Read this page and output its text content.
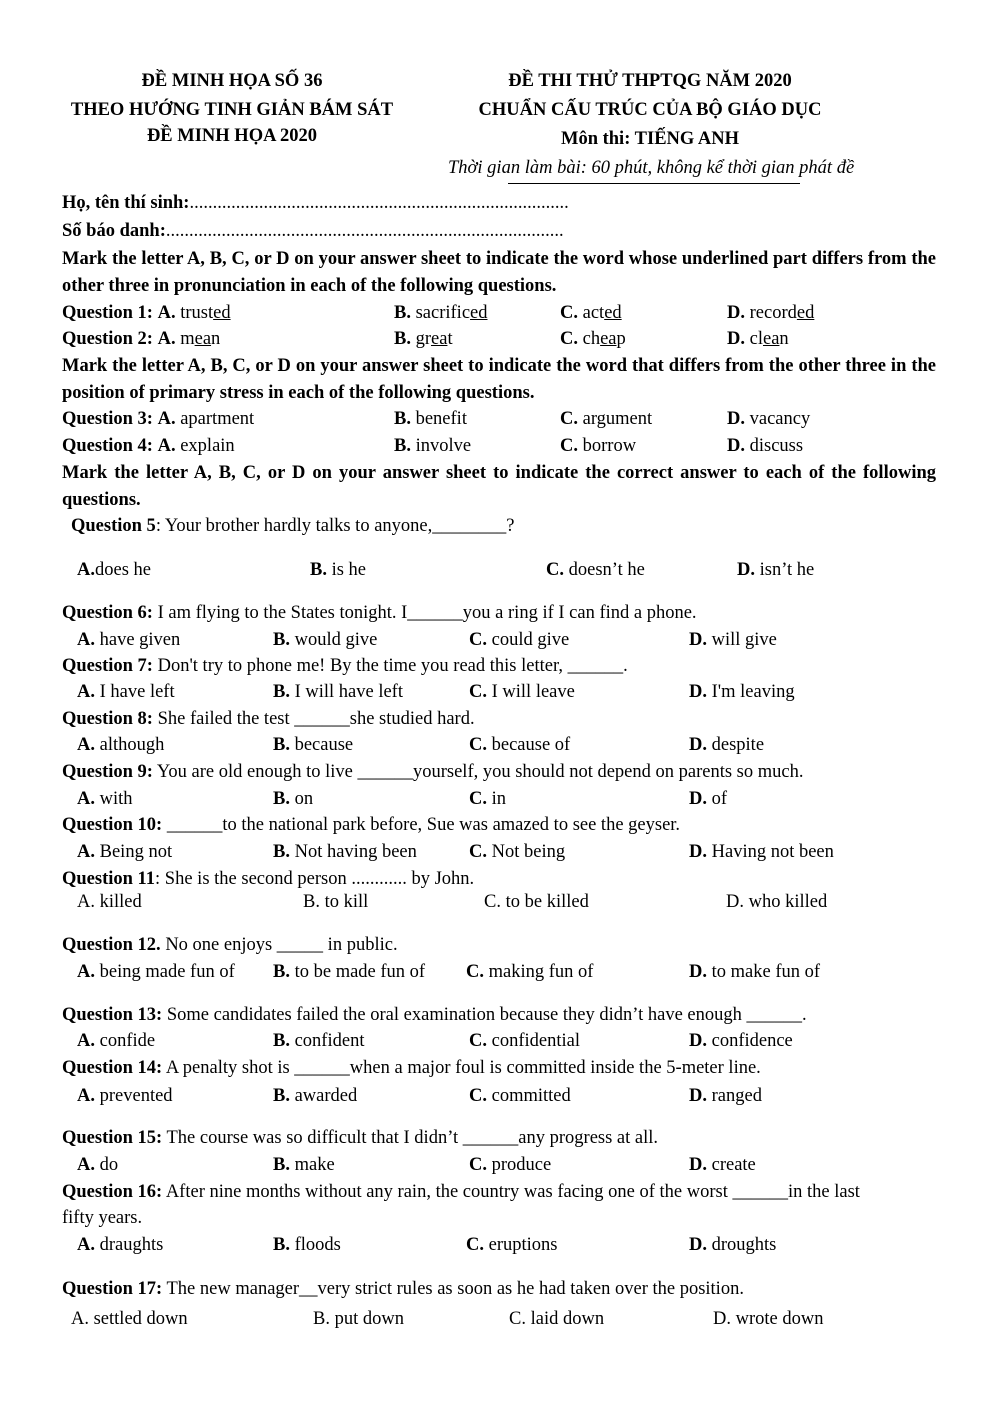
ĐỀ MINH HỌA SỐ 36
THEO HƯỚNG TINH GIẢN BÁM SÁT
ĐỀ MINH HỌA 2020
ĐỀ THI THỬ THPTQG NĂM 2020
CHUẨN CẤU TRÚC CỦA BỘ GIÁO DỤC
Môn thi: TIẾNG ANH
Thời gian làm bài: 60 phút, không kể thời gian phát đề
Họ, tên thí sinh:..................................................................................
Số báo danh:......................................................................................
Mark the letter A, B, C, or D on your answer sheet to indicate the word whose underlined part differs from the other three in pronunciation in each of the following questions.
Question 1: A. trusted	B. sacrificed	C. acted	D. recorded
Question 2: A. mean	B. great	C. cheap	D. clean
Mark the letter A, B, C, or D on your answer sheet to indicate the word that differs from the other three in the position of primary stress in each of the following questions.
Question 3: A. apartment	B. benefit	C. argument	D. vacancy
Question 4: A. explain	B. involve	C. borrow	D. discuss
Mark the letter A, B, C, or D on your answer sheet to indicate the correct answer to each of the following questions.
Question 5: Your brother hardly talks to anyone,________?
A.does he	B. is he	C. doesn’t he	D. isn’t he
Question 6: I am flying to the States tonight. I______you a ring if I can find a phone.
A. have given	B. would give	C. could give	D. will give
Question 7: Don't try to phone me! By the time you read this letter, ______.
A. I have left	B. I will have left	C. I will leave	D. I'm leaving
Question 8: She failed the test ______she studied hard.
A. although	B. because	C. because of	D. despite
Question 9: You are old enough to live ______yourself, you should not depend on parents so much.
A. with	B. on	C. in	D. of
Question 10: ______to the national park before, Sue was amazed to see the geyser.
A. Being not	B. Not having been	C. Not being	D. Having not been
Question 11: She is the second person ............ by John.
A. killed	B. to kill	C. to be killed	D. who killed
Question 12. No one enjoys _____ in public.
A. being made fun of B. to be made fun of C. making fun of	D. to make fun of
Question 13: Some candidates failed the oral examination because they didn’t have enough ______.
A. confide	B. confident	C. confidential	D. confidence
Question 14: A penalty shot is ______when a major foul is committed inside the 5-meter line.
A. prevented	B. awarded	C. committed	D. ranged
Question 15: The course was so difficult that I didn’t ______any progress at all.
A. do	B. make	C. produce	D. create
Question 16: After nine months without any rain, the country was facing one of the worst ______in the last
fifty years.
A. draughts	B. floods	C. eruptions	D. droughts
Question 17: The new manager__very strict rules as soon as he had taken over the position.
A. settled down	B. put down	C. laid down	D. wrote down
